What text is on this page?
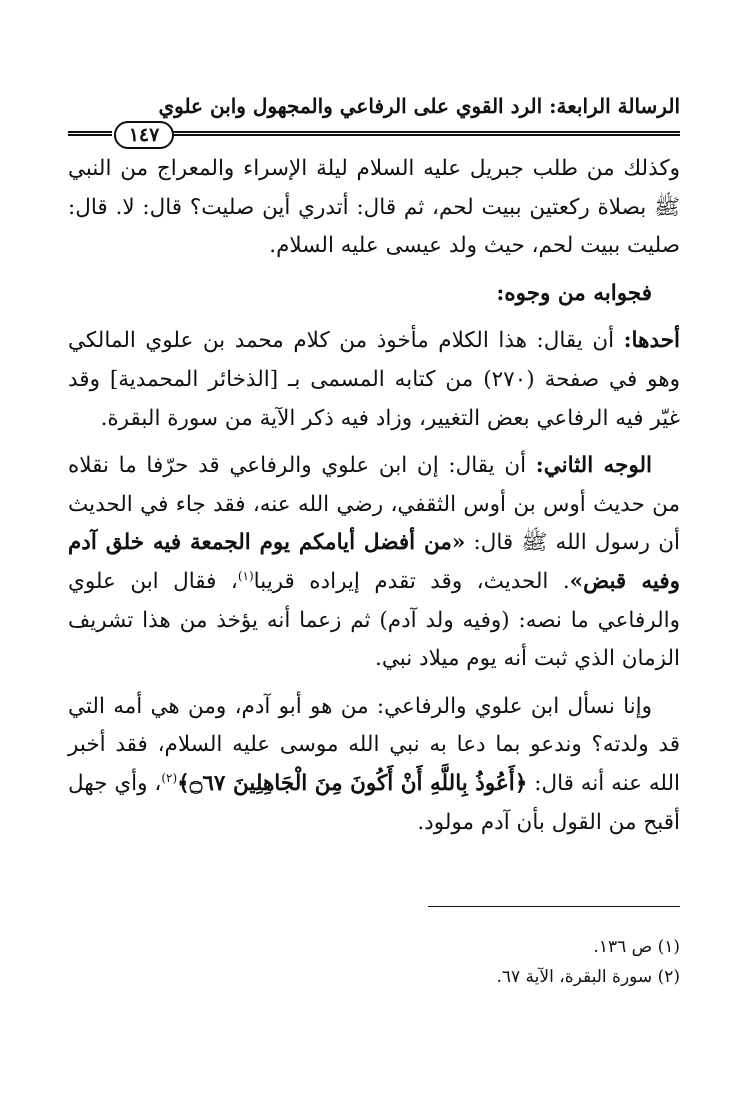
الرسالة الرابعة: الرد القوي على الرفاعي والمجهول وابن علوي
١٤٧

وكذلك من طلب جبريل عليه السلام ليلة الإسراء والمعراج من النبي ﷺ بصلاة ركعتين ببيت لحم، ثم قال: أتدري أين صليت؟ قال: لا. قال: صليت ببيت لحم، حيث ولد عيسى عليه السلام.

فجوابه من وجوه:

أحدها: أن يقال: هذا الكلام مأخوذ من كلام محمد بن علوي المالكي وهو في صفحة (٢٧٠) من كتابه المسمى بـ [الذخائر المحمدية] وقد غيّر فيه الرفاعي بعض التغيير، وزاد فيه ذكر الآية من سورة البقرة.

الوجه الثاني: أن يقال: إن ابن علوي والرفاعي قد حرّفا ما نقلاه من حديث أوس بن أوس الثقفي، رضي الله عنه، فقد جاء في الحديث أن رسول الله ﷺ قال: «من أفضل أيامكم يوم الجمعة فيه خلق آدم وفيه قبض». الحديث، وقد تقدم إيراده قريبا$^{(١)}$، فقال ابن علوي والرفاعي ما نصه: (وفيه ولد آدم) ثم زعما أنه يؤخذ من هذا تشريف الزمان الذي ثبت أنه يوم ميلاد نبي.

وإنا نسأل ابن علوي والرفاعي: من هو أبو آدم، ومن هي أمه التي قد ولدته؟ وندعو بما دعا به نبي الله موسى عليه السلام، فقد أخبر الله عنه أنه قال: ﴿أَعُوذُ بِاللَّهِ أَنْ أَكُونَ مِنَ الْجَاهِلِينَ ۝٦٧﴾$^{(٢)}$، وأي جهل أقبح من القول بأن آدم مولود.

(١) ص ١٣٦.
(٢) سورة البقرة، الآية ٦٧.
